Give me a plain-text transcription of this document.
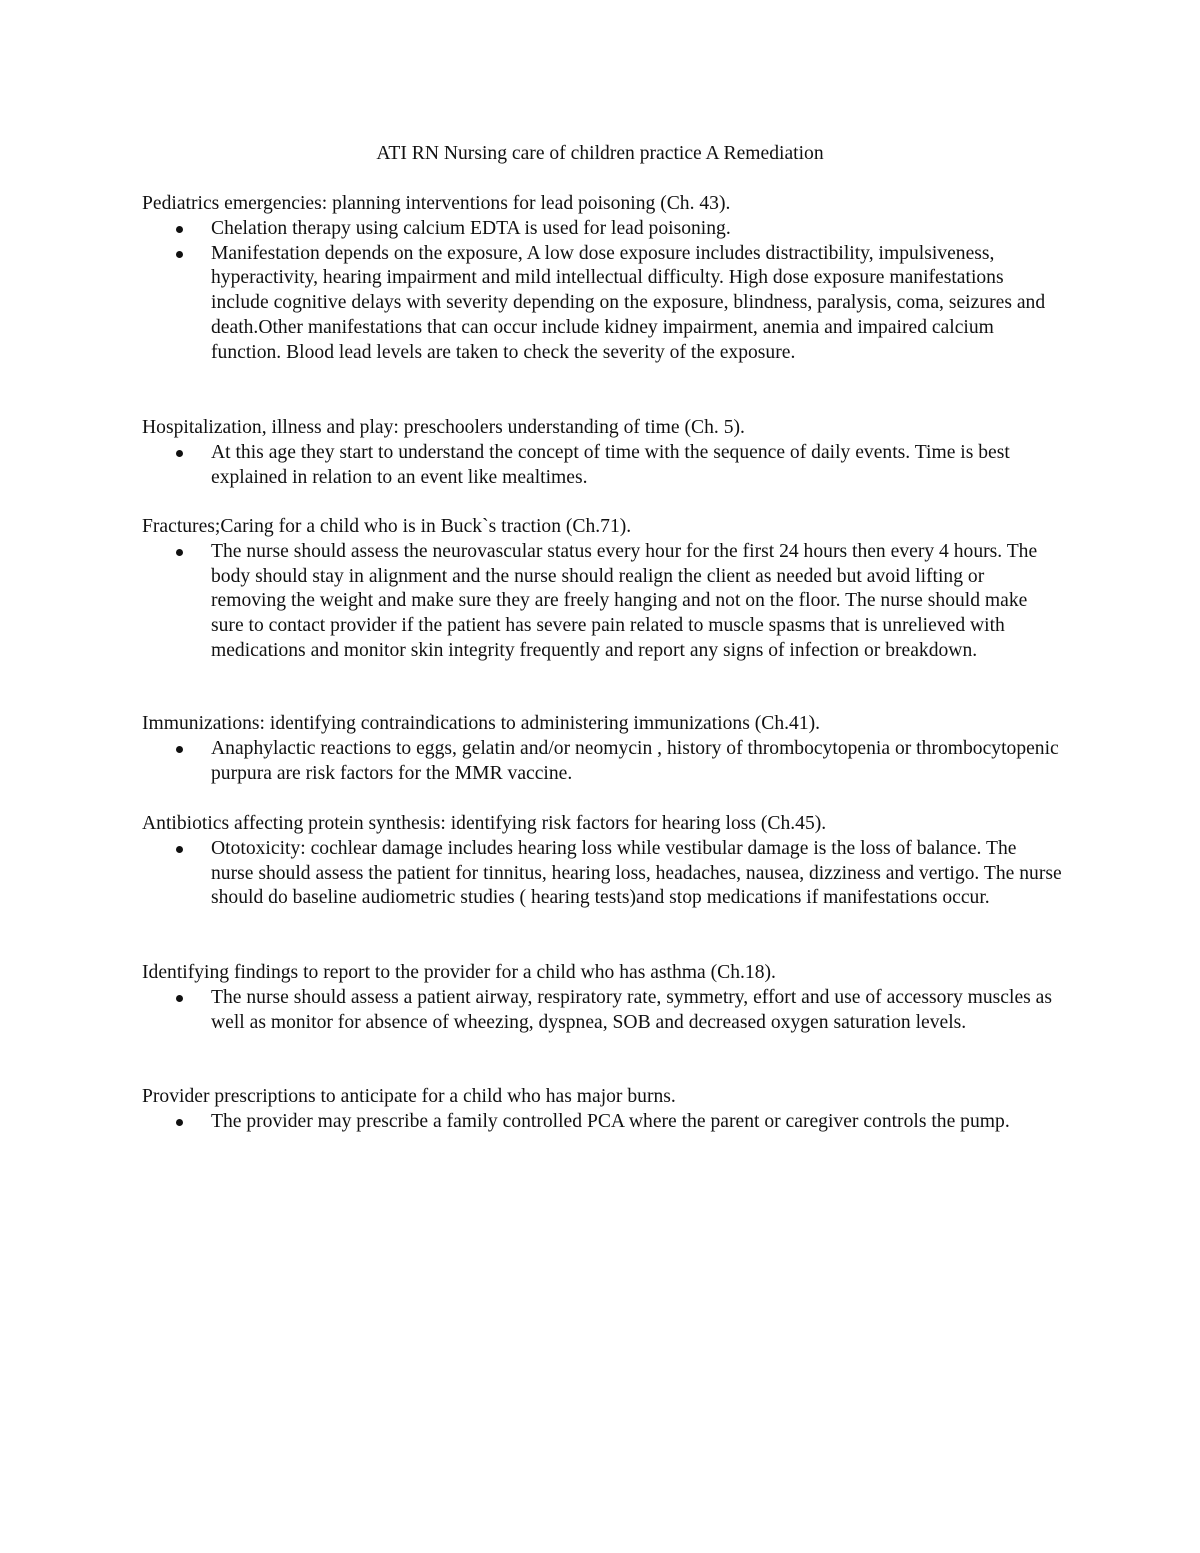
ATI RN Nursing care of children practice A Remediation
Pediatrics emergencies: planning interventions for lead poisoning (Ch. 43).
Chelation therapy using calcium EDTA is used for lead poisoning.
Manifestation depends on the exposure, A low dose exposure includes distractibility, impulsiveness, hyperactivity, hearing impairment and mild intellectual difficulty. High dose exposure manifestations include cognitive delays with severity depending on the exposure, blindness, paralysis, coma, seizures and death.Other manifestations that can occur include kidney impairment, anemia and impaired calcium function. Blood lead levels are taken to check the severity of the exposure.
Hospitalization, illness and play: preschoolers understanding of time (Ch. 5).
At this age they start to understand the concept of time with the sequence of daily events. Time is best explained in relation to an event like mealtimes.
Fractures;Caring for a child who is in Buck`s traction (Ch.71).
The nurse should assess the neurovascular status every hour for the first 24 hours then every 4 hours. The body should stay in alignment and the nurse should realign the client as needed but avoid lifting or removing the weight and make sure they are freely hanging and not on the floor. The nurse should make sure to contact provider if the patient has severe pain related to muscle spasms that is unrelieved with medications and monitor skin integrity frequently and report any signs of infection or breakdown.
Immunizations: identifying contraindications to administering immunizations (Ch.41).
Anaphylactic reactions to eggs, gelatin and/or neomycin , history of thrombocytopenia or thrombocytopenic purpura are risk factors for the MMR vaccine.
Antibiotics affecting protein synthesis: identifying risk factors for hearing loss (Ch.45).
Ototoxicity: cochlear damage includes hearing loss while vestibular damage is the loss of balance. The nurse should assess the patient for tinnitus, hearing loss, headaches, nausea, dizziness and vertigo. The nurse should do baseline audiometric studies ( hearing tests)and stop medications if manifestations occur.
Identifying findings to report to the provider for a child who has asthma (Ch.18).
The nurse should assess a patient airway, respiratory rate, symmetry, effort and use of accessory muscles as well as monitor for absence of wheezing, dyspnea, SOB and decreased oxygen saturation levels.
Provider prescriptions to anticipate for a child who has major burns.
The provider may prescribe a family controlled PCA where the parent or caregiver controls the pump.
